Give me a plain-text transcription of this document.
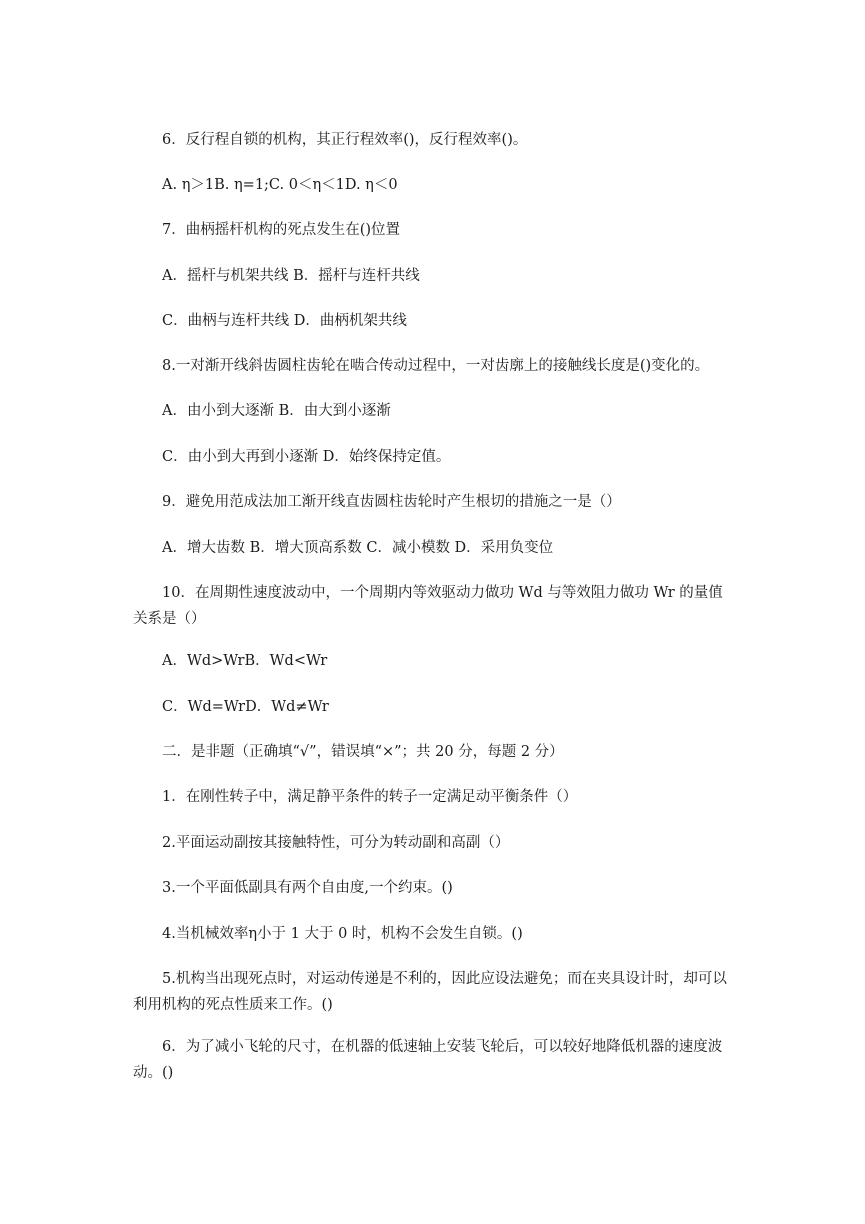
6．反行程自锁的机构，其正行程效率()，反行程效率()。

A. η＞1B. η=1;C. 0＜η＜1D. η＜0

7．曲柄摇杆机构的死点发生在()位置

A．摇杆与机架共线 B．摇杆与连杆共线

C．曲柄与连杆共线 D．曲柄机架共线

8.一对渐开线斜齿圆柱齿轮在啮合传动过程中，一对齿廓上的接触线长度是()变化的。

A．由小到大逐渐 B．由大到小逐渐

C．由小到大再到小逐渐 D．始终保持定值。

9．避免用范成法加工渐开线直齿圆柱齿轮时产生根切的措施之一是（）

A．增大齿数 B．增大顶高系数 C．减小模数 D．采用负变位

10．在周期性速度波动中，一个周期内等效驱动力做功 Wd 与等效阻力做功 Wr 的量值关系是（）

A．Wd>WrB．Wd<Wr

C．Wd=WrD．Wd≠Wr

二．是非题（正确填“√”，错误填“×”；共 20 分，每题 2 分）

1．在刚性转子中，满足静平条件的转子一定满足动平衡条件（）

2.平面运动副按其接触特性，可分为转动副和高副（）

3.一个平面低副具有两个自由度,一个约束。()

4.当机械效率η小于 1 大于 0 时，机构不会发生自锁。()

5.机构当出现死点时，对运动传递是不利的，因此应设法避免；而在夹具设计时，却可以利用机构的死点性质来工作。()

6．为了减小飞轮的尺寸，在机器的低速轴上安装飞轮后，可以较好地降低机器的速度波动。()
